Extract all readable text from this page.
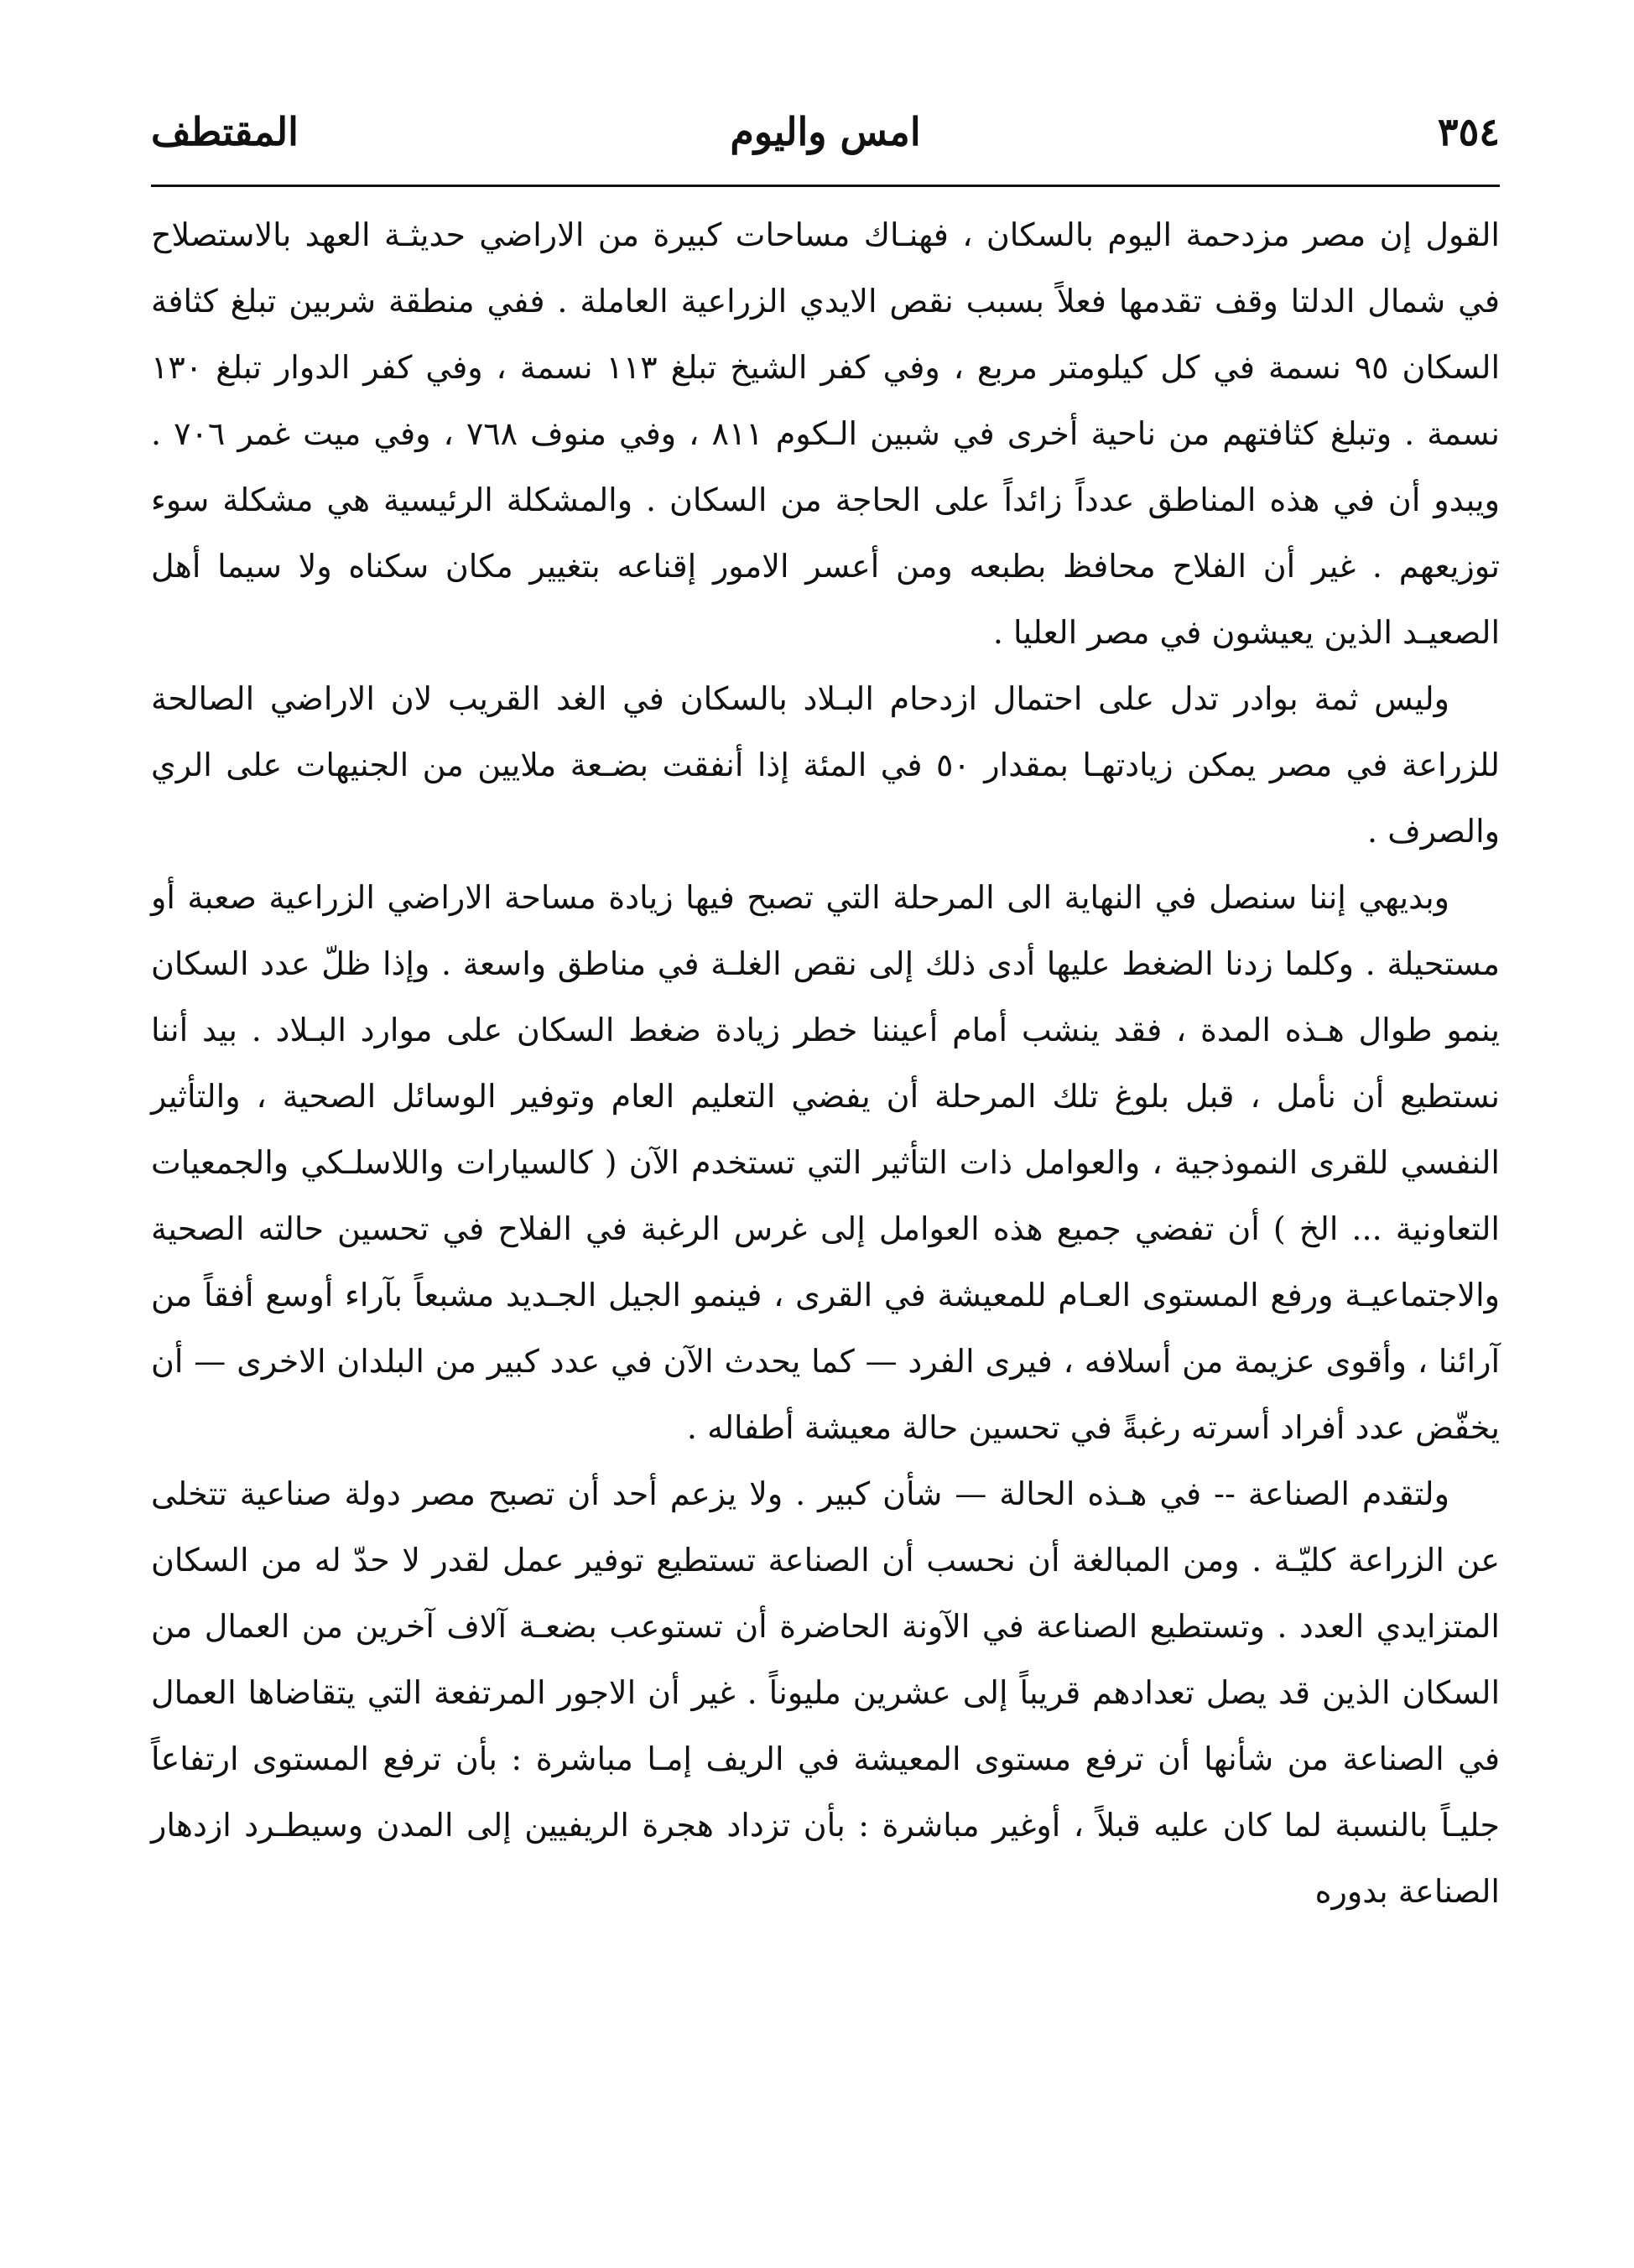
٣٥٤
امس واليوم
المقتطف

القول إن مصر مزدحمة اليوم بالسكان ، فهنـاك مساحات كبيرة من الاراضي حديثـة العهد بالاستصلاح في شمال الدلتا وقف تقدمها فعلاً بسبب نقص الايدي الزراعية العاملة . ففي منطقة شربين تبلغ كثافة السكان ٩٥ نسمة في كل كيلومتر مربع ، وفي كفر الشيخ تبلغ ١١٣ نسمة ، وفي كفر الدوار تبلغ ١٣٠ نسمة . وتبلغ كثافتهم من ناحية أخرى في شبين الـكوم ٨١١ ، وفي منوف ٧٦٨ ، وفي ميت غمر ٧٠٦ . ويبدو أن في هذه المناطق عدداً زائداً على الحاجة من السكان . والمشكلة الرئيسية هي مشكلة سوء توزيعهم . غير أن الفلاح محافظ بطبعه ومن أعسر الامور إقناعه بتغيير مكان سكناه ولا سيما أهل الصعيـد الذين يعيشون في مصر العليا .

وليس ثمة بوادر تدل على احتمال ازدحام البـلاد بالسكان في الغد القريب لان الاراضي الصالحة للزراعة في مصر يمكن زيادتهـا بمقدار ٥٠ في المئة إذا أنفقت بضـعة ملايين من الجنيهات على الري والصرف .

وبديهي إننا سنصل في النهاية الى المرحلة التي تصبح فيها زيادة مساحة الاراضي الزراعية صعبة أو مستحيلة . وكلما زدنا الضغط عليها أدى ذلك إلى نقص الغلـة في مناطق واسعة . وإذا ظلّ عدد السكان ينمو طوال هـذه المدة ، فقد ينشب أمام أعيننا خطر زيادة ضغط السكان على موارد البـلاد . بيد أننا نستطيع أن نأمل ، قبل بلوغ تلك المرحلة أن يفضي التعليم العام وتوفير الوسائل الصحية ، والتأثير النفسي للقرى النموذجية ، والعوامل ذات التأثير التي تستخدم الآن ( كالسيارات واللاسلـكي والجمعيات التعاونية ... الخ ) أن تفضي جميع هذه العوامل إلى غرس الرغبة في الفلاح في تحسين حالته الصحية والاجتماعيـة ورفع المستوى العـام للمعيشة في القرى ، فينمو الجيل الجـديد مشبعاً بآراء أوسع أفقاً من آرائنا ، وأقوى عزيمة من أسلافه ، فيرى الفرد — كما يحدث الآن في عدد كبير من البلدان الاخرى — أن يخفّض عدد أفراد أسرته رغبةً في تحسين حالة معيشة أطفاله .

ولتقدم الصناعة -- في هـذه الحالة — شأن كبير . ولا يزعم أحد أن تصبح مصر دولة صناعية تتخلى عن الزراعة كليّـة . ومن المبالغة أن نحسب أن الصناعة تستطيع توفير عمل لقدر لا حدّ له من السكان المتزايدي العدد . وتستطيع الصناعة في الآونة الحاضرة أن تستوعب بضعـة آلاف آخرين من العمال من السكان الذين قد يصل تعدادهم قريباً إلى عشرين مليوناً . غير أن الاجور المرتفعة التي يتقاضاها العمال في الصناعة من شأنها أن ترفع مستوى المعيشة في الريف إمـا مباشرة : بأن ترفع المستوى ارتفاعاً جليـاً بالنسبة لما كان عليه قبلاً ، أوغير مباشرة : بأن تزداد هجرة الريفيين إلى المدن وسيطـرد ازدهار الصناعة بدوره
